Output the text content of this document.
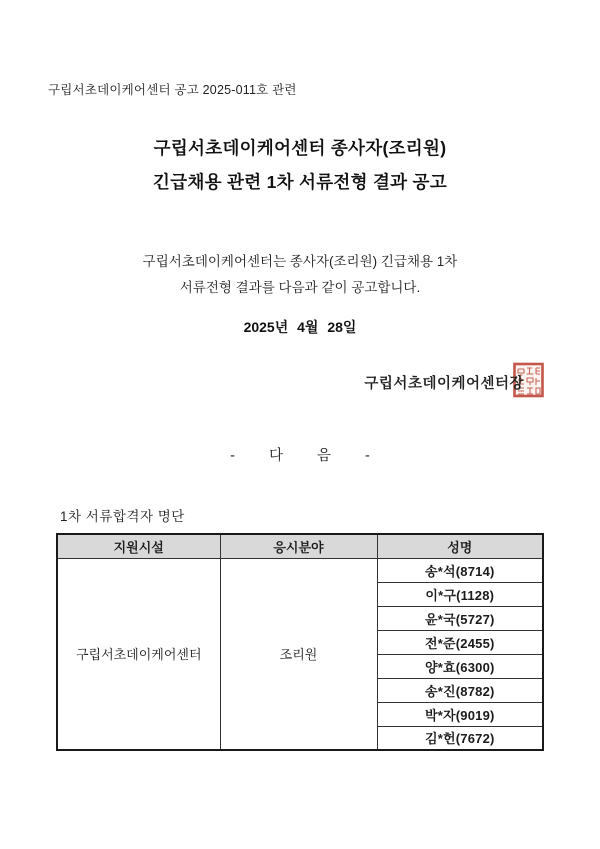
구립서초데이케어센터 공고 2025-011호 관련
구립서초데이케어센터 종사자(조리원)
긴급채용 관련 1차 서류전형 결과 공고
구립서초데이케어센터는 종사자(조리원) 긴급채용 1차
서류전형 결과를 다음과 같이 공고합니다.
2025년 4월 28일
구립서초데이케어센터장
- 다 음 -
1차 서류합격자 명단
지원시설	응시분야	성명
구립서초데이케어센터	조리원	송*석(8714)
		이*구(1128)
		윤*국(5727)
		전*준(2455)
		양*효(6300)
		송*진(8782)
		박*자(9019)
		김*헌(7672)
